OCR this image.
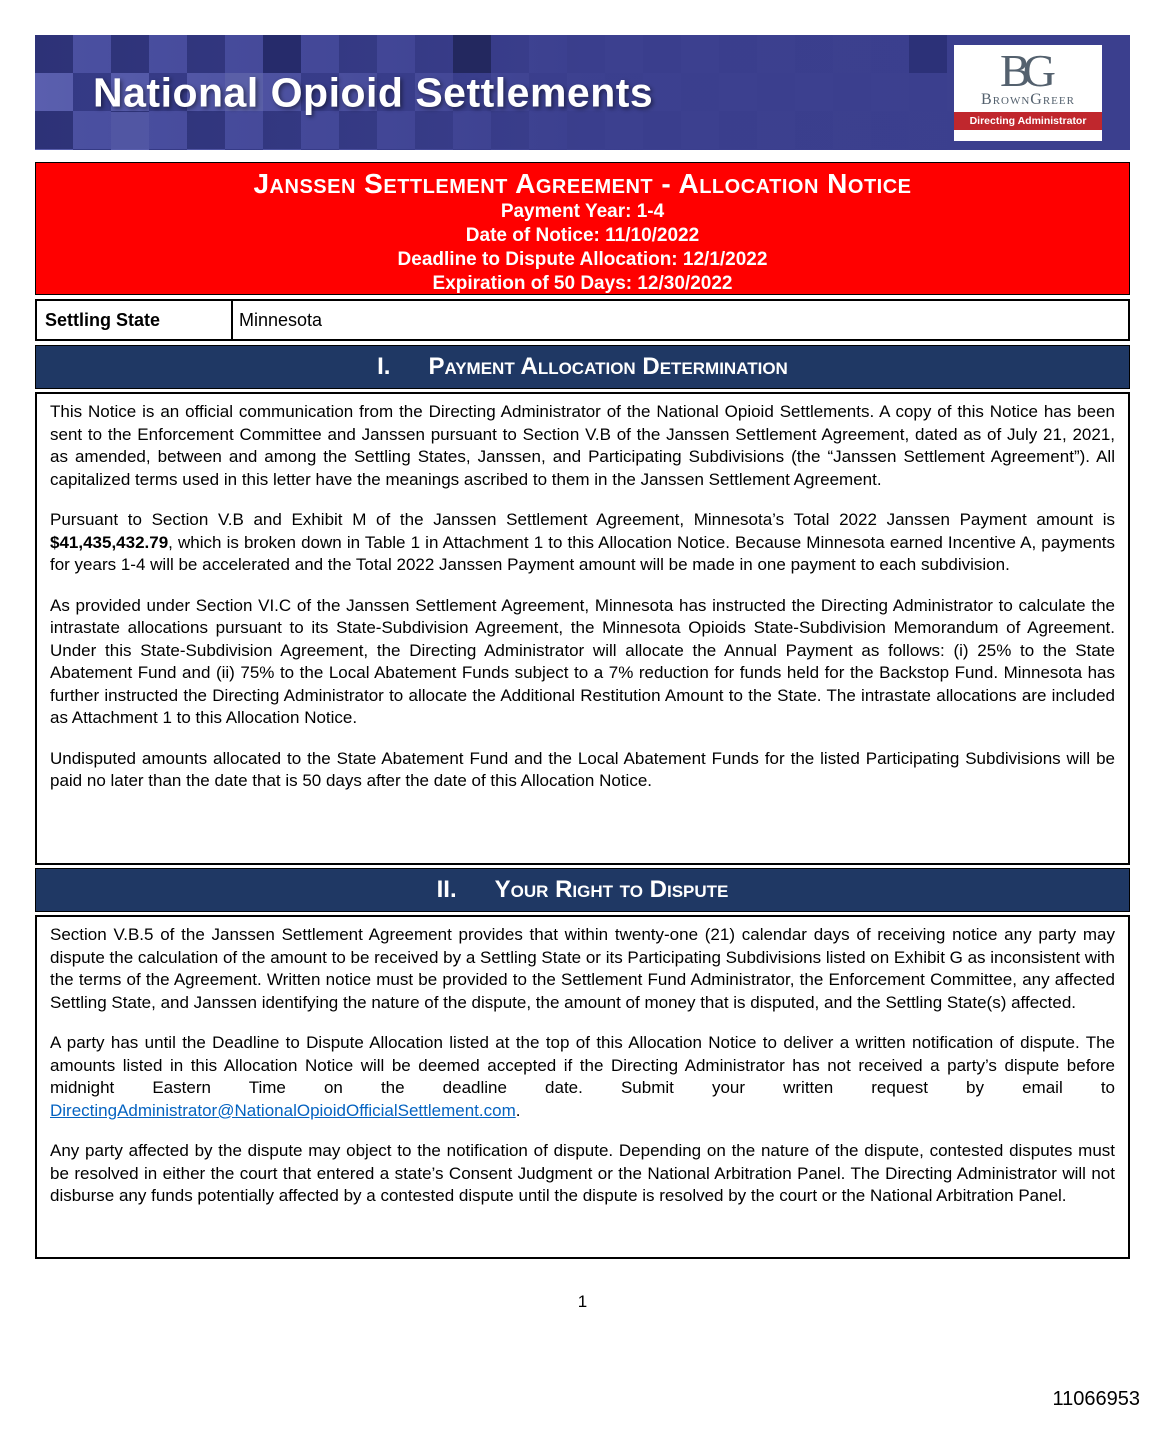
National Opioid Settlements	BG
BrownGreer
Directing Administrator
Janssen Settlement Agreement - Allocation Notice
Payment Year: 1-4
Date of Notice: 11/10/2022
Deadline to Dispute Allocation: 12/1/2022
Expiration of 50 Days: 12/30/2022
Settling State	Minnesota
I. Payment Allocation Determination

This Notice is an official communication from the Directing Administrator of the National Opioid Settlements. A copy of this Notice has been sent to the Enforcement Committee and Janssen pursuant to Section V.B of the Janssen Settlement Agreement, dated as of July 21, 2021, as amended, between and among the Settling States, Janssen, and Participating Subdivisions (the “Janssen Settlement Agreement”). All capitalized terms used in this letter have the meanings ascribed to them in the Janssen Settlement Agreement.

Pursuant to Section V.B and Exhibit M of the Janssen Settlement Agreement, Minnesota’s Total 2022 Janssen Payment amount is $41,435,432.79, which is broken down in Table 1 in Attachment 1 to this Allocation Notice. Because Minnesota earned Incentive A, payments for years 1-4 will be accelerated and the Total 2022 Janssen Payment amount will be made in one payment to each subdivision.

As provided under Section VI.C of the Janssen Settlement Agreement, Minnesota has instructed the Directing Administrator to calculate the intrastate allocations pursuant to its State-Subdivision Agreement, the Minnesota Opioids State-Subdivision Memorandum of Agreement. Under this State-Subdivision Agreement, the Directing Administrator will allocate the Annual Payment as follows: (i) 25% to the State Abatement Fund and (ii) 75% to the Local Abatement Funds subject to a 7% reduction for funds held for the Backstop Fund. Minnesota has further instructed the Directing Administrator to allocate the Additional Restitution Amount to the State. The intrastate allocations are included as Attachment 1 to this Allocation Notice.

Undisputed amounts allocated to the State Abatement Fund and the Local Abatement Funds for the listed Participating Subdivisions will be paid no later than the date that is 50 days after the date of this Allocation Notice.

II. Your Right to Dispute

Section V.B.5 of the Janssen Settlement Agreement provides that within twenty-one (21) calendar days of receiving notice any party may dispute the calculation of the amount to be received by a Settling State or its Participating Subdivisions listed on Exhibit G as inconsistent with the terms of the Agreement. Written notice must be provided to the Settlement Fund Administrator, the Enforcement Committee, any affected Settling State, and Janssen identifying the nature of the dispute, the amount of money that is disputed, and the Settling State(s) affected.

A party has until the Deadline to Dispute Allocation listed at the top of this Allocation Notice to deliver a written notification of dispute. The amounts listed in this Allocation Notice will be deemed accepted if the Directing Administrator has not received a party’s dispute before midnight Eastern Time on the deadline date. Submit your written request by email to DirectingAdministrator@NationalOpioidOfficialSettlement.com.

Any party affected by the dispute may object to the notification of dispute. Depending on the nature of the dispute, contested disputes must be resolved in either the court that entered a state’s Consent Judgment or the National Arbitration Panel. The Directing Administrator will not disburse any funds potentially affected by a contested dispute until the dispute is resolved by the court or the National Arbitration Panel.

1
11066953
